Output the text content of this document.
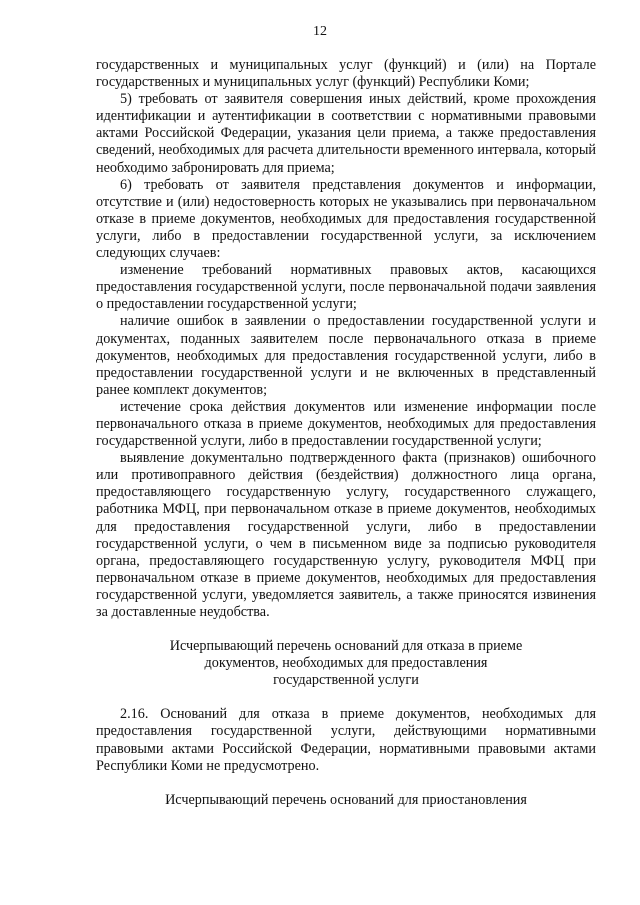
12

государственных и муниципальных услуг (функций) и (или) на Портале государственных и муниципальных услуг (функций) Республики Коми;

5) требовать от заявителя совершения иных действий, кроме прохождения идентификации и аутентификации в соответствии с нормативными правовыми актами Российской Федерации, указания цели приема, а также предоставления сведений, необходимых для расчета длительности временного интервала, который необходимо забронировать для приема;

6) требовать от заявителя представления документов и информации, отсутствие и (или) недостоверность которых не указывались при первоначальном отказе в приеме документов, необходимых для предоставления государственной услуги, либо в предоставлении государственной услуги, за исключением следующих случаев:

изменение требований нормативных правовых актов, касающихся предоставления государственной услуги, после первоначальной подачи заявления о предоставлении государственной услуги;

наличие ошибок в заявлении о предоставлении государственной услуги и документах, поданных заявителем после первоначального отказа в приеме документов, необходимых для предоставления государственной услуги, либо в предоставлении государственной услуги и не включенных в представленный ранее комплект документов;

истечение срока действия документов или изменение информации после первоначального отказа в приеме документов, необходимых для предоставления государственной услуги, либо в предоставлении государственной услуги;

выявление документально подтвержденного факта (признаков) ошибочного или противоправного действия (бездействия) должностного лица органа, предоставляющего государственную услугу, государственного служащего, работника МФЦ, при первоначальном отказе в приеме документов, необходимых для предоставления государственной услуги, либо в предоставлении государственной услуги, о чем в письменном виде за подписью руководителя органа, предоставляющего государственную услугу, руководителя МФЦ при первоначальном отказе в приеме документов, необходимых для предоставления государственной услуги, уведомляется заявитель, а также приносятся извинения за доставленные неудобства.

Исчерпывающий перечень оснований для отказа в приеме
документов, необходимых для предоставления
государственной услуги

2.16. Оснований для отказа в приеме документов, необходимых для предоставления государственной услуги, действующими нормативными правовыми актами Российской Федерации, нормативными правовыми актами Республики Коми не предусмотрено.

Исчерпывающий перечень оснований для приостановления
